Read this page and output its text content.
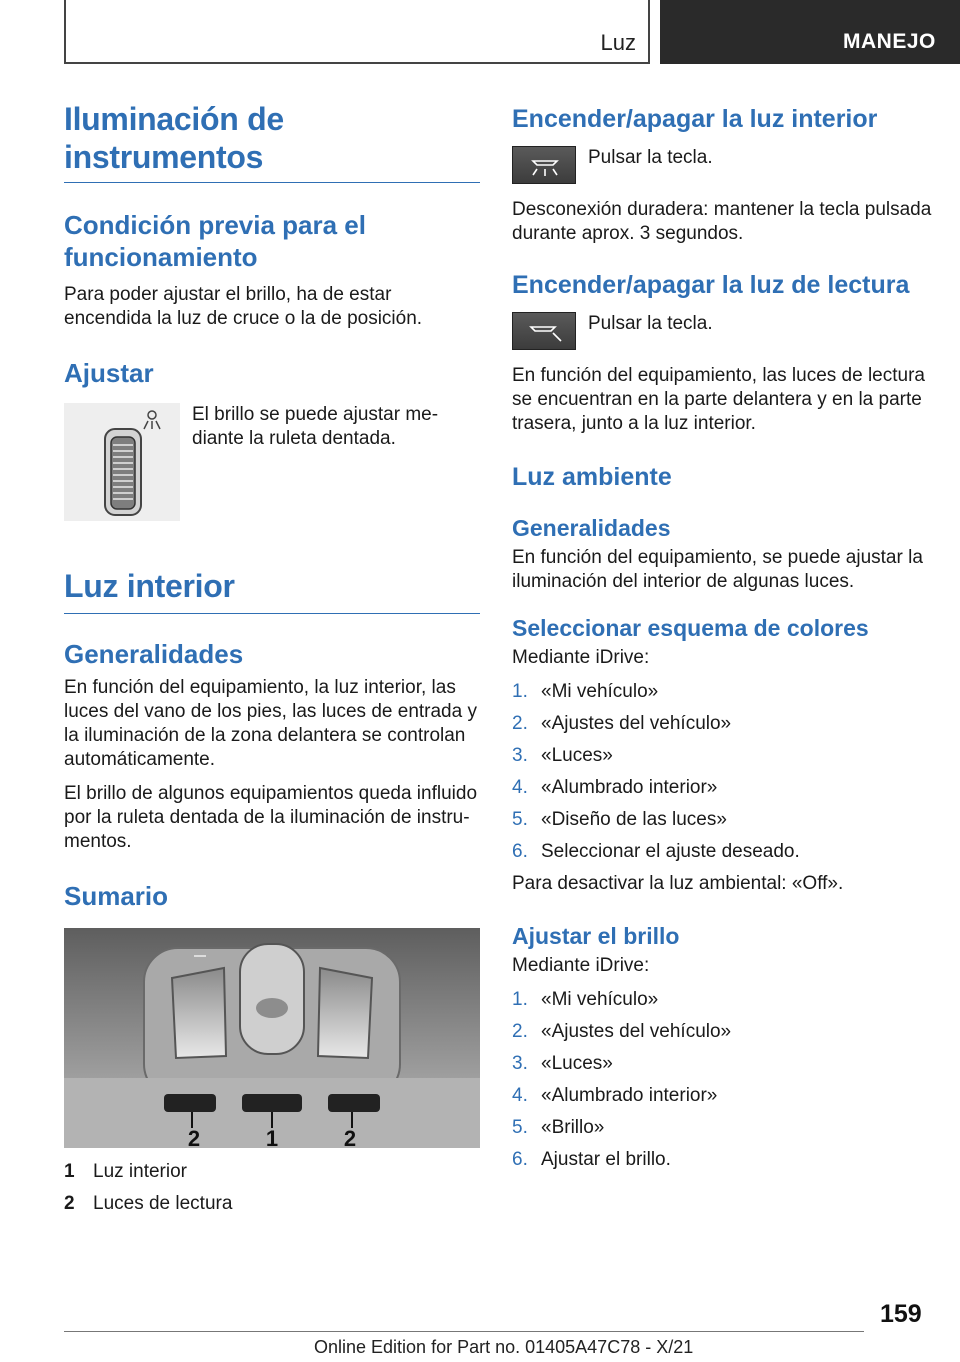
Luz	MANEJO
Iluminación de instrumentos
Condición previa para el funcionamiento
Para poder ajustar el brillo, ha de estar encendida la luz de cruce o la de posición.
Ajustar
El brillo se puede ajustar mediante la ruleta dentada.
Luz interior
Generalidades
En función del equipamiento, la luz interior, las luces del vano de los pies, las luces de entrada y la iluminación de la zona delantera se controlan automáticamente.
El brillo de algunos equipamientos queda influido por la ruleta dentada de la iluminación de instrumentos.
Sumario
2	1	2
1 Luz interior
2 Luces de lectura
Encender/apagar la luz interior
Pulsar la tecla.
Desconexión duradera: mantener la tecla pulsada durante aprox. 3 segundos.
Encender/apagar la luz de lectura
Pulsar la tecla.
En función del equipamiento, las luces de lectura se encuentran en la parte delantera y en la parte trasera, junto a la luz interior.
Luz ambiente
Generalidades
En función del equipamiento, se puede ajustar la iluminación del interior de algunas luces.
Seleccionar esquema de colores
Mediante iDrive:
1. «Mi vehículo»
2. «Ajustes del vehículo»
3. «Luces»
4. «Alumbrado interior»
5. «Diseño de las luces»
6. Seleccionar el ajuste deseado.
Para desactivar la luz ambiental: «Off».
Ajustar el brillo
Mediante iDrive:
1. «Mi vehículo»
2. «Ajustes del vehículo»
3. «Luces»
4. «Alumbrado interior»
5. «Brillo»
6. Ajustar el brillo.
159
Online Edition for Part no. 01405A47C78 - X/21
